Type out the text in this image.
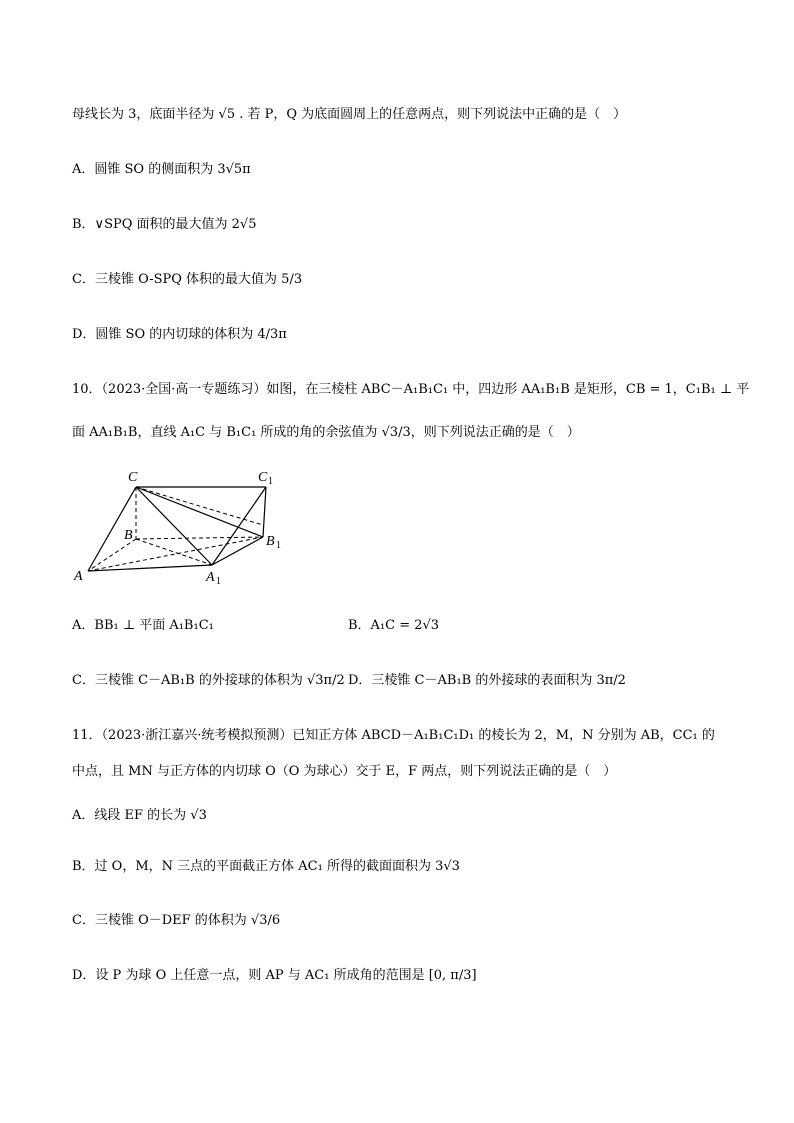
母线长为 3，底面半径为 √5 . 若 P，Q 为底面圆周上的任意两点，则下列说法中正确的是（　）
A．圆锥 SO 的侧面积为 3√5π
B．∨SPQ 面积的最大值为 2√5
C．三棱锥 O-SPQ 体积的最大值为 5/3
D．圆锥 SO 的内切球的体积为 4/3π
10．（2023·全国·高一专题练习）如图，在三棱柱 ABC－A₁B₁C₁ 中，四边形 AA₁B₁B 是矩形，CB = 1，C₁B₁ ⊥ 平
面 AA₁B₁B，直线 A₁C 与 B₁C₁ 所成的角的余弦值为 √3/3，则下列说法正确的是（　）
C	C 1
B	B 1
A	A 1
A．BB₁ ⊥ 平面 A₁B₁C₁	B．A₁C = 2√3
C．三棱锥 C－AB₁B 的外接球的体积为 √3π/2 D．三棱锥 C－AB₁B 的外接球的表面积为 3π/2
11．（2023·浙江嘉兴·统考模拟预测）已知正方体 ABCD－A₁B₁C₁D₁ 的棱长为 2，M，N 分别为 AB，CC₁ 的
中点，且 MN 与正方体的内切球 O（O 为球心）交于 E，F 两点，则下列说法正确的是（　）
A．线段 EF 的长为 √3
B．过 O，M，N 三点的平面截正方体 AC₁ 所得的截面面积为 3√3
C．三棱锥 O－DEF 的体积为 √3/6
D．设 P 为球 O 上任意一点，则 AP 与 AC₁ 所成角的范围是 [0, π/3]
